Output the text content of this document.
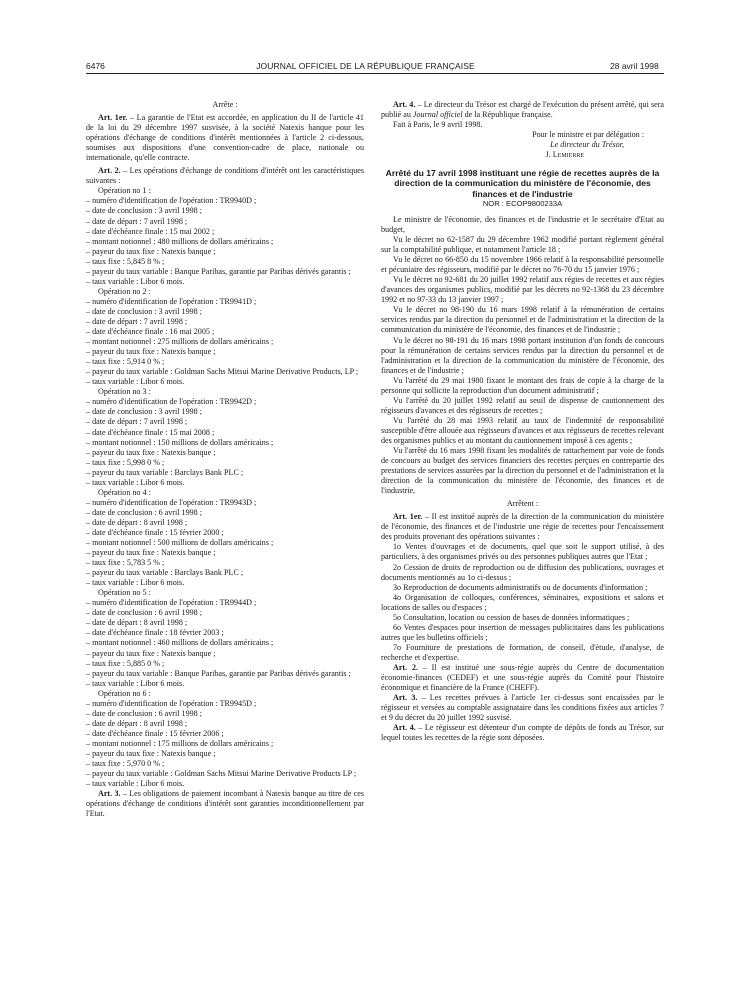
6476	JOURNAL OFFICIEL DE LA RÉPUBLIQUE FRANÇAISE	28 avril 1998

Arrête :

Art. 1er. – La garantie de l'Etat est accordée, en application du II de l'article 41 de la loi du 29 décembre 1997 susvisée, à la société Natexis banque pour les opérations d'échange de conditions d'intérêt mentionnées à l'article 2 ci-dessous, soumises aux dispositions d'une convention-cadre de place, nationale ou internationale, qu'elle contracte.

Art. 2. – Les opérations d'échange de conditions d'intérêt ont les caractéristiques suivantes :

Opération no 1 :

– numéro d'identification de l'opération : TR9940D ;

– date de conclusion : 3 avril 1998 ;

– date de départ : 7 avril 1998 ;

– date d'échéance finale : 15 mai 2002 ;

– montant notionnel : 480 millions de dollars américains ;

– payeur du taux fixe : Natexis banque ;

– taux fixe : 5,845 8 % ;

– payeur du taux variable : Banque Paribas, garantie par Paribas dérivés garantis ;

– taux variable : Libor 6 mois.

Opération no 2 :

– numéro d'identification de l'opération : TR9941D ;

– date de conclusion : 3 avril 1998 ;

– date de départ : 7 avril 1998 ;

– date d'échéance finale : 16 mai 2005 ;

– montant notionnel : 275 millions de dollars américains ;

– payeur du taux fixe : Natexis banque ;

– taux fixe : 5,914 0 % ;

– payeur du taux variable : Goldman Sachs Mitsui Marine Derivative Products, LP ;

– taux variable : Libor 6 mois.

Opération no 3 :

– numéro d'identification de l'opération : TR9942D ;

– date de conclusion : 3 avril 1998 ;

– date de départ : 7 avril 1998 ;

– date d'échéance finale : 15 mai 2008 ;

– montant notionnel : 150 millions de dollars américains ;

– payeur du taux fixe : Natexis banque ;

– taux fixe : 5,998 0 % ;

– payeur du taux variable : Barclays Bank PLC ;

– taux variable : Libor 6 mois.

Opération no 4 :

– numéro d'identification de l'opération : TR9943D ;

– date de conclusion : 6 avril 1998 ;

– date de départ : 8 avril 1998 ;

– date d'échéance finale : 15 février 2000 ;

– montant notionnel : 500 millions de dollars américains ;

– payeur du taux fixe : Natexis banque ;

– taux fixe : 5,783 5 % ;

– payeur du taux variable : Barclays Bank PLC ;

– taux variable : Libor 6 mois.

Opération no 5 :

– numéro d'identification de l'opération : TR9944D ;

– date de conclusion : 6 avril 1998 ;

– date de départ : 8 avril 1998 ;

– date d'échéance finale : 18 février 2003 ;

– montant notionnel : 460 millions de dollars américains ;

– payeur du taux fixe : Natexis banque ;

– taux fixe : 5,885 0 % ;

– payeur du taux variable : Banque Paribas, garantie par Paribas dérivés garantis ;

– taux variable : Libor 6 mois.

Opération no 6 :

– numéro d'identification de l'opération : TR9945D ;

– date de conclusion : 6 avril 1998 ;

– date de départ : 8 avril 1998 ;

– date d'échéance finale : 15 février 2006 ;

– montant notionnel : 175 millions de dollars américains ;

– payeur du taux fixe : Natexis banque ;

– taux fixe : 5,970 0 % ;

– payeur du taux variable : Goldman Sachs Mitsui Marine Derivative Products LP ;

– taux variable : Libor 6 mois.

Art. 3. – Les obligations de paiement incombant à Natexis banque au titre de ces opérations d'échange de conditions d'intérêt sont garanties inconditionnellement par l'Etat.

Art. 4. – Le directeur du Trésor est chargé de l'exécution du présent arrêté, qui sera publié au Journal officiel de la République française.

Fait à Paris, le 9 avril 1998.

Pour le ministre et par délégation :

Le directeur du Trésor,

J. Lemierre

Arrêté du 17 avril 1998 instituant une régie de recettes auprès de la direction de la communication du ministère de l'économie, des finances et de l'industrie

NOR : ECOP9800233A

Le ministre de l'économie, des finances et de l'industrie et le secrétaire d'Etat au budget,

Vu le décret no 62-1587 du 29 décembre 1962 modifié portant règlement général sur la comptabilité publique, et notamment l'article 18 ;

Vu le décret no 66-850 du 15 novembre 1966 relatif à la responsabilité personnelle et pécuniaire des régisseurs, modifié par le décret no 76-70 du 15 janvier 1976 ;

Vu le décret no 92-681 du 20 juillet 1992 relatif aux régies de recettes et aux régies d'avances des organismes publics, modifié par les décrets no 92-1368 du 23 décembre 1992 et no 97-33 du 13 janvier 1997 ;

Vu le décret no 98-190 du 16 mars 1998 relatif à la rémunération de certains services rendus par la direction du personnel et de l'administration et la direction de la communication du ministère de l'économie, des finances et de l'industrie ;

Vu le décret no 98-191 du 16 mars 1998 portant institution d'un fonds de concours pour la rémunération de certains services rendus par la direction du personnel et de l'administration et la direction de la communication du ministère de l'économie, des finances et de l'industrie ;

Vu l'arrêté du 29 mai 1980 fixant le montant des frais de copie à la charge de la personne qui sollicite la reproduction d'un document administratif ;

Vu l'arrêté du 20 juillet 1992 relatif au seuil de dispense de cautionnement des régisseurs d'avances et des régisseurs de recettes ;

Vu l'arrêté du 28 mai 1993 relatif au taux de l'indemnité de responsabilité susceptible d'être allouée aux régisseurs d'avances et aux régisseurs de recettes relevant des organismes publics et au montant du cautionnement imposé à ces agents ;

Vu l'arrêté du 16 mars 1998 fixant les modalités de rattachement par voie de fonds de concours au budget des services financiers des recettes perçues en contrepartie des prestations de services assurées par la direction du personnel et de l'administration et la direction de la communication du ministère de l'économie, des finances et de l'industrie,

Arrêtent :

Art. 1er. – Il est institué auprès de la direction de la communication du ministère de l'économie, des finances et de l'industrie une régie de recettes pour l'encaissement des produits provenant des opérations suivantes :

1o Ventes d'ouvrages et de documents, quel que soit le support utilisé, à des particuliers, à des organismes privés ou des personnes publiques autres que l'Etat ;

2o Cession de droits de reproduction ou de diffusion des publications, ouvrages et documents mentionnés au 1o ci-dessus ;

3o Reproduction de documents administratifs ou de documents d'information ;

4o Organisation de colloques, conférences, séminaires, expositions et salons et locations de salles ou d'espaces ;

5o Consultation, location ou cession de bases de données informatiques ;

6o Ventes d'espaces pour insertion de messages publicitaires dans les publications autres que les bulletins officiels ;

7o Fourniture de prestations de formation, de conseil, d'étude, d'analyse, de recherche et d'expertise.

Art. 2. – Il est institué une sous-régie auprès du Centre de documentation économie-finances (CEDEF) et une sous-régie auprès du Comité pour l'histoire économique et financière de la France (CHEFF).

Art. 3. – Les recettes prévues à l'article 1er ci-dessus sont encaissées par le régisseur et versées au comptable assignataire dans les conditions fixées aux articles 7 et 9 du décret du 20 juillet 1992 susvisé.

Art. 4. – Le régisseur est détenteur d'un compte de dépôts de fonds au Trésor, sur lequel toutes les recettes de la régie sont déposées.
